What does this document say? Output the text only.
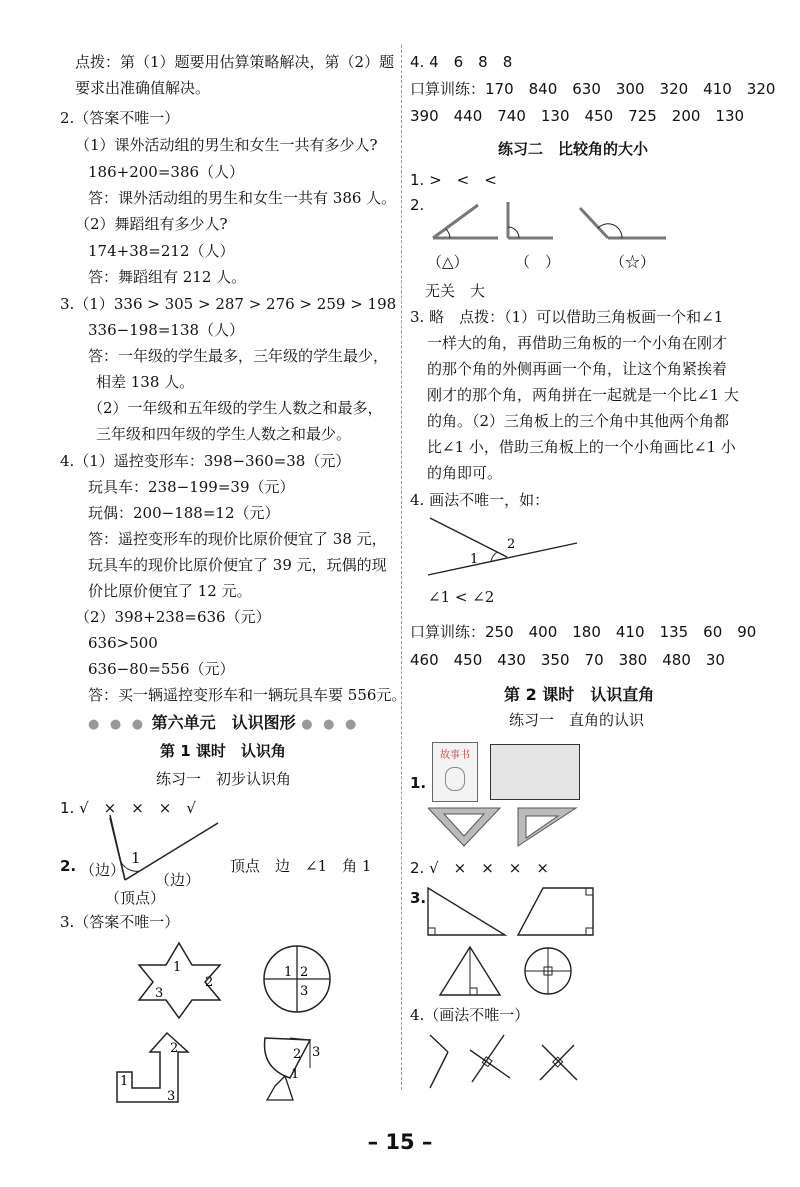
点拨：第（1）题要用估算策略解决，第（2）题
要求出准确值解决。
2.（答案不唯一）
（1）课外活动组的男生和女生一共有多少人?
186+200=386（人）
答：课外活动组的男生和女生一共有 386 人。
（2）舞蹈组有多少人?
174+38=212（人）
答：舞蹈组有 212 人。
3.（1）336 > 305 > 287 > 276 > 259 > 198
336−198=138（人）
答：一年级的学生最多，三年级的学生最少，
相差 138 人。
（2）一年级和五年级的学生人数之和最多，
三年级和四年级的学生人数之和最少。
4.（1）遥控变形车：398−360=38（元）
玩具车：238−199=39（元）
玩偶：200−188=12（元）
答：遥控变形车的现价比原价便宜了 38 元，
玩具车的现价比原价便宜了 39 元，玩偶的现
价比原价便宜了 12 元。
（2）398+238=636（元）
636>500
636−80=556（元）
答：买一辆遥控变形车和一辆玩具车要 556元。
● ● ● 第六单元　认识图形 ● ● ●
第 1 课时　认识角
练习一　初步认识角
1. √　×　×　×　√
2. （边）
（边）
（顶点）
1	顶点　边　∠1　角 1
3.（答案不唯一）
1
2
3
1 2
3
2
1
3
2 3
1
4. 4　6　8　8
口算训练：170　840　630　300　320　410　320
390　440　740　130　450　725　200　130
练习二　比较角的大小
1. >　<　<
2.
（△）	（　）	（☆）
无关　大
3. 略　点拨：（1）可以借助三角板画一个和∠1
一样大的角，再借助三角板的一个小角在刚才
的那个角的外侧再画一个角，让这个角紧挨着
刚才的那个角，两角拼在一起就是一个比∠1 大
的角。（2）三角板上的三个角中其他两个角都
比∠1 小，借助三角板上的一个小角画比∠1 小
的角即可。
4. 画法不唯一，如：
1
2
∠1 < ∠2
口算训练：250　400　180　410　135　60　90
460　450　430　350　70　380　480　30
第 2 课时　认识直角
练习一　直角的认识
1.
故事书
2. √　×　×　×　×
3.
4.（画法不唯一）
– 15 –
